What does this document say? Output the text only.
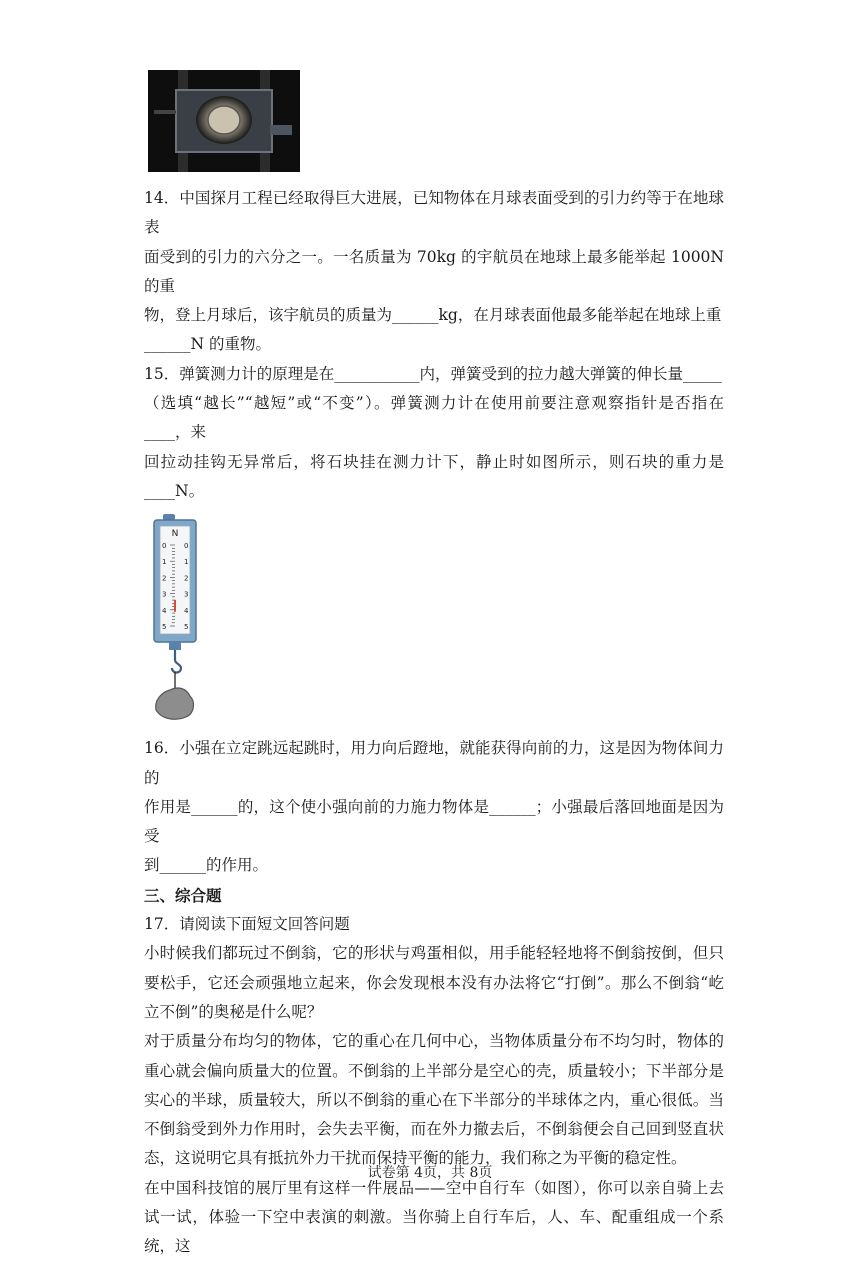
14．中国探月工程已经取得巨大进展，已知物体在月球表面受到的引力约等于在地球表

面受到的引力的六分之一。一名质量为 70kg 的宇航员在地球上最多能举起 1000N 的重

物，登上月球后，该宇航员的质量为______kg，在月球表面他最多能举起在地球上重

______N 的重物。

15．弹簧测力计的原理是在___________内，弹簧受到的拉力越大弹簧的伸长量_____

（选填“越长”“越短”或“不变”）。弹簧测力计在使用前要注意观察指针是否指在____，来

回拉动挂钩无异常后，将石块挂在测力计下，静止时如图所示，则石块的重力是____N。

N
0	0
1	1
2	2
3	3
4	4
5	5

16．小强在立定跳远起跳时，用力向后蹬地，就能获得向前的力，这是因为物体间力的

作用是______的，这个使小强向前的力施力物体是______；小强最后落回地面是因为受

到______的作用。

三、综合题

17．请阅读下面短文回答问题

小时候我们都玩过不倒翁，它的形状与鸡蛋相似，用手能轻轻地将不倒翁按倒，但只要松手，它还会顽强地立起来，你会发现根本没有办法将它“打倒”。那么不倒翁“屹立不倒”的奥秘是什么呢？

对于质量分布均匀的物体，它的重心在几何中心，当物体质量分布不均匀时，物体的重心就会偏向质量大的位置。不倒翁的上半部分是空心的壳，质量较小；下半部分是实心的半球，质量较大，所以不倒翁的重心在下半部分的半球体之内，重心很低。当不倒翁受到外力作用时，会失去平衡，而在外力撤去后，不倒翁便会自己回到竖直状态，这说明它具有抵抗外力干扰而保持平衡的能力，我们称之为平衡的稳定性。

在中国科技馆的展厅里有这样一件展品——空中自行车（如图），你可以亲自骑上去试一试，体验一下空中表演的刺激。当你骑上自行车后，人、车、配重组成一个系统，这

试卷第 4页，共 8页
